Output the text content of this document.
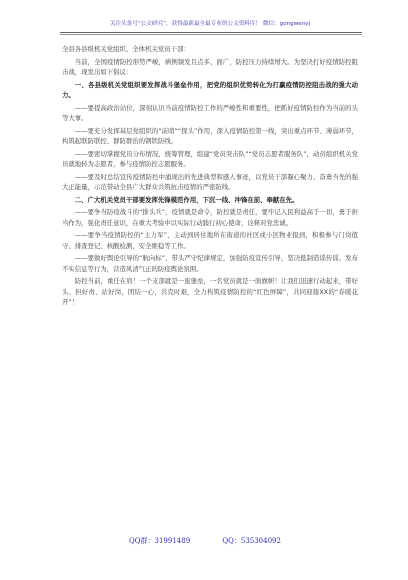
关注头条号“公文研究”，获得最新最全最专业的公文资料库！ 微信：gongwenyj

全县各县级机关党组织、全体机关党员干部：

当前，全国疫情防控形势严峻，病例频发且点多、面广，防控压力持续增大。为坚决打好疫情防控阻击战，现发出如下倡议：

一、各县级机关党组织要发挥战斗堡垒作用，把党的组织优势转化为打赢疫情防控阻击战的强大动力。

——要提高政治站位，深刻认识当前疫情防控工作的严峻性和重要性，把抓好疫情防控作为当前的头等大事。

——要充分发挥基层党组织的“前哨”“探头”作用，深入疫情防控第一线，突出重点环节、薄弱环节，构筑起联防联控、群防群治的钢铁防线。

——要密切掌握党员分布情况，统筹管理，组建“党员突击队”“党员志愿者服务队”，动员组织机关党员就地转为志愿者，参与疫情防控志愿服务。

——要及时总结宣传疫情防控中涌现出的先进典型和感人事迹，以党员干部凝心聚力、奋勇当先的强大正能量，示范带动全县广大群众共筑抗击疫情的严密防线。

二、广大机关党员干部要发挥先锋模范作用，下沉一线、冲锋在前、奉献在先。

——要争当防疫战斗的“排头兵”，疫情就是命令，防控就是责任，要牢记人民利益高于一切，勇于担当作为，强化责任意识，在重大考验中以实际行动践行初心使命、诠释对党忠诚。

——要争当疫情防控的“主力军”，主动到居住地所在街道的社区或小区物业报到，积极参与门岗值守、排查登记、核酸检测、安全维稳等工作。

——要做好舆论引导的“航向标”，带头严守纪律规定，加强防疫宣传引导，坚决抵制造谣传谣、发布不实信息等行为，营造风清气正的防疫舆论氛围。

防控当前，重任在肩！一个支部就是一座堡垒，一名党员就是一面旗帜！让我们迅速行动起来，带好头、担好责、站好岗，团结一心，共克时艰，全力构筑疫情防控的“红色屏障”，共同迎接XX的“春暖花开”！

QQ群：31991489	QQ：535304092
